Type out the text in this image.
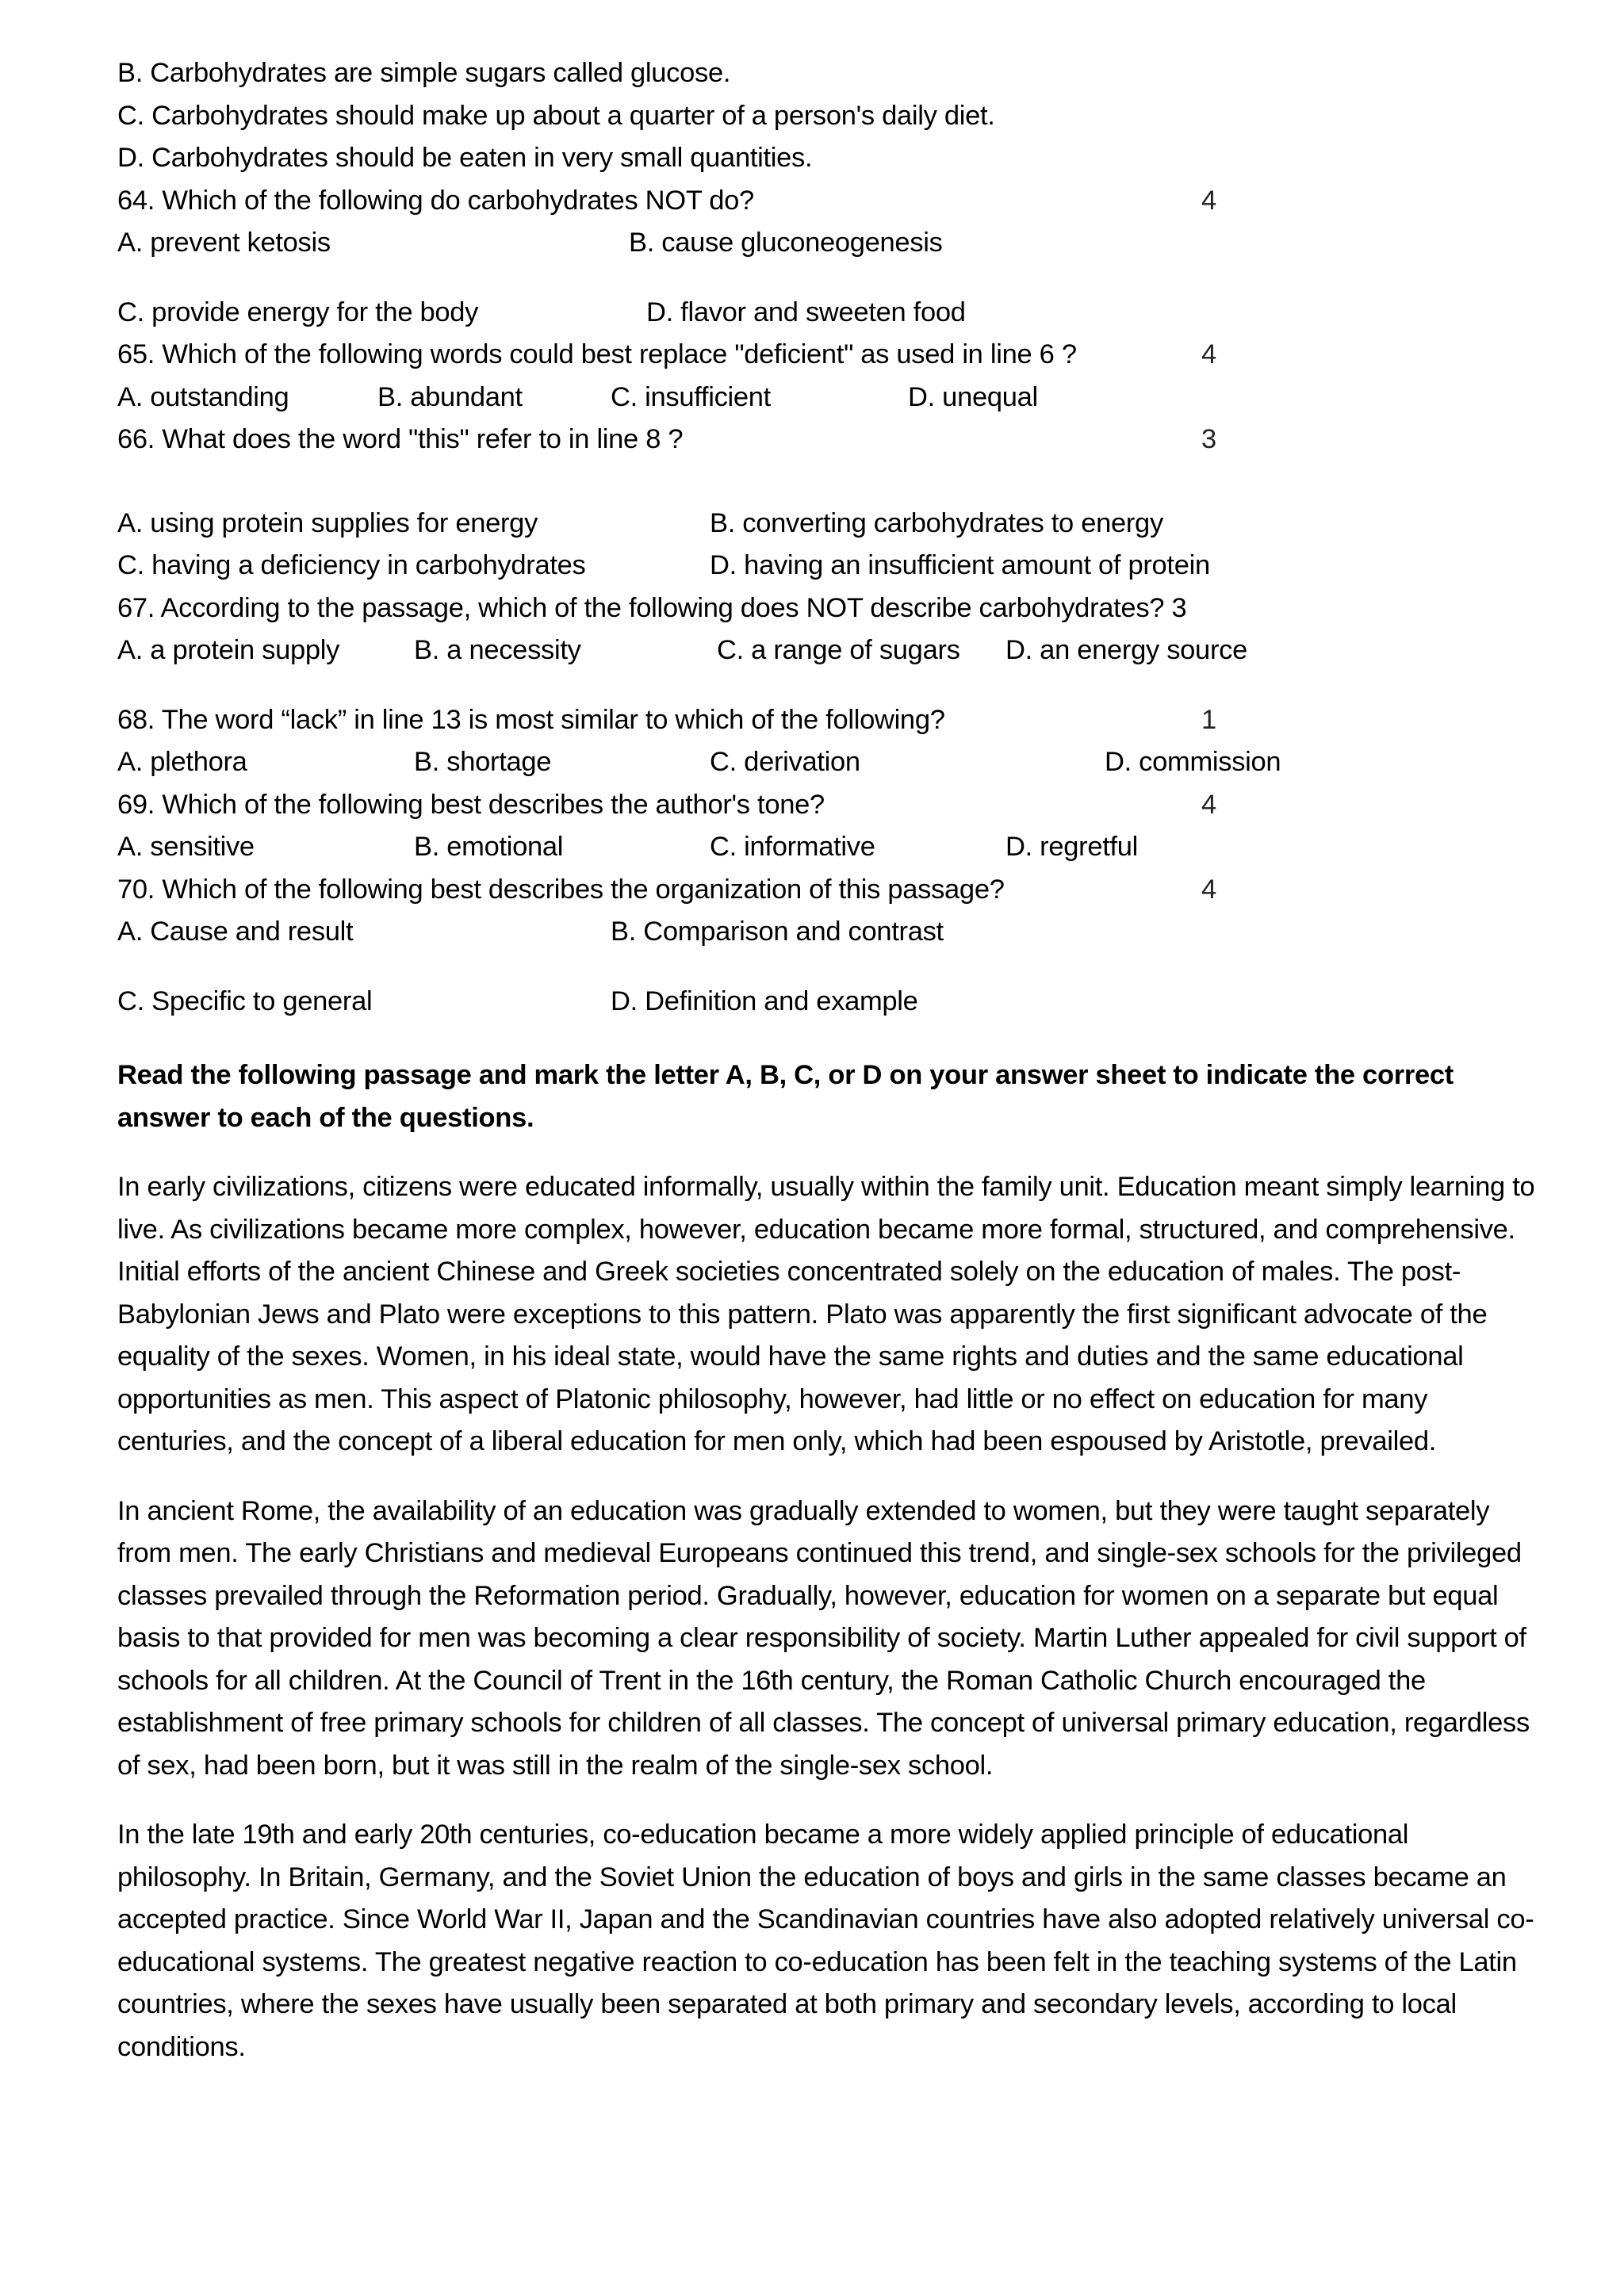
B. Carbohydrates are simple sugars called glucose.
C. Carbohydrates should make up about a quarter of a person's daily diet.
D. Carbohydrates should be eaten in very small quantities.
64. Which of the following do carbohydrates NOT do?	4
A. prevent ketosis	B. cause gluconeogenesis
C. provide energy for the body	D. flavor and sweeten food
65. Which of the following words could best replace "deficient" as used in line 6 ?	4
A. outstanding	B. abundant	C. insufficient	D. unequal
66. What does the word "this" refer to in line 8 ?	3
A. using protein supplies for energy	B. converting carbohydrates to energy
C. having a deficiency in carbohydrates	D. having an insufficient amount of protein
67. According to the passage, which of the following does NOT describe carbohydrates? 3
A. a protein supply	B. a necessity	C. a range of sugars D. an energy source
68. The word “lack” in line 13 is most similar to which of the following?	1
A. plethora	B. shortage	C. derivation	D. commission
69. Which of the following best describes the author's tone?	4
A. sensitive	B. emotional	C. informative	D. regretful
70. Which of the following best describes the organization of this passage?	4
A. Cause and result	B. Comparison and contrast
C. Specific to general	D. Definition and example
Read the following passage and mark the letter A, B, C, or D on your answer sheet to indicate the correct answer to each of the questions.
In early civilizations, citizens were educated informally, usually within the family unit. Education meant simply learning to live. As civilizations became more complex, however, education became more formal, structured, and comprehensive. Initial efforts of the ancient Chinese and Greek societies concentrated solely on the education of males. The post-Babylonian Jews and Plato were exceptions to this pattern. Plato was apparently the first significant advocate of the equality of the sexes. Women, in his ideal state, would have the same rights and duties and the same educational opportunities as men. This aspect of Platonic philosophy, however, had little or no effect on education for many centuries, and the concept of a liberal education for men only, which had been espoused by Aristotle, prevailed.
In ancient Rome, the availability of an education was gradually extended to women, but they were taught separately from men. The early Christians and medieval Europeans continued this trend, and single-sex schools for the privileged classes prevailed through the Reformation period. Gradually, however, education for women on a separate but equal basis to that provided for men was becoming a clear responsibility of society. Martin Luther appealed for civil support of schools for all children. At the Council of Trent in the 16th century, the Roman Catholic Church encouraged the establishment of free primary schools for children of all classes. The concept of universal primary education, regardless of sex, had been born, but it was still in the realm of the single-sex school.
In the late 19th and early 20th centuries, co-education became a more widely applied principle of educational philosophy. In Britain, Germany, and the Soviet Union the education of boys and girls in the same classes became an accepted practice. Since World War II, Japan and the Scandinavian countries have also adopted relatively universal co-educational systems. The greatest negative reaction to co-education has been felt in the teaching systems of the Latin countries, where the sexes have usually been separated at both primary and secondary levels, according to local conditions.
